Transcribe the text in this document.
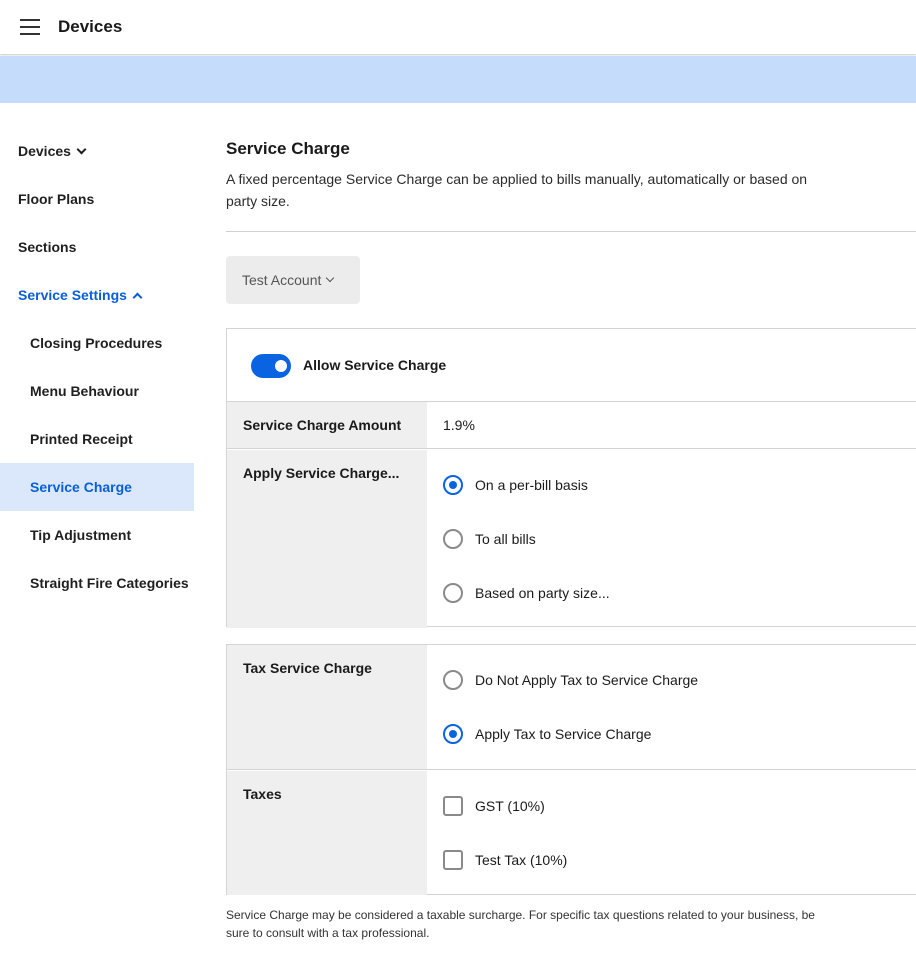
Devices
Devices
Floor Plans
Sections
Service Settings
Closing Procedures
Menu Behaviour
Printed Receipt
Service Charge
Tip Adjustment
Straight Fire Categories
Service Charge
A fixed percentage Service Charge can be applied to bills manually, automatically or based on party size.
Test Account
Allow Service Charge
Service Charge Amount	1.9%
Apply Service Charge...
On a per-bill basis
To all bills
Based on party size...
Tax Service Charge
Do Not Apply Tax to Service Charge
Apply Tax to Service Charge
Taxes
GST (10%)
Test Tax (10%)
Service Charge may be considered a taxable surcharge. For specific tax questions related to your business, be sure to consult with a tax professional.
